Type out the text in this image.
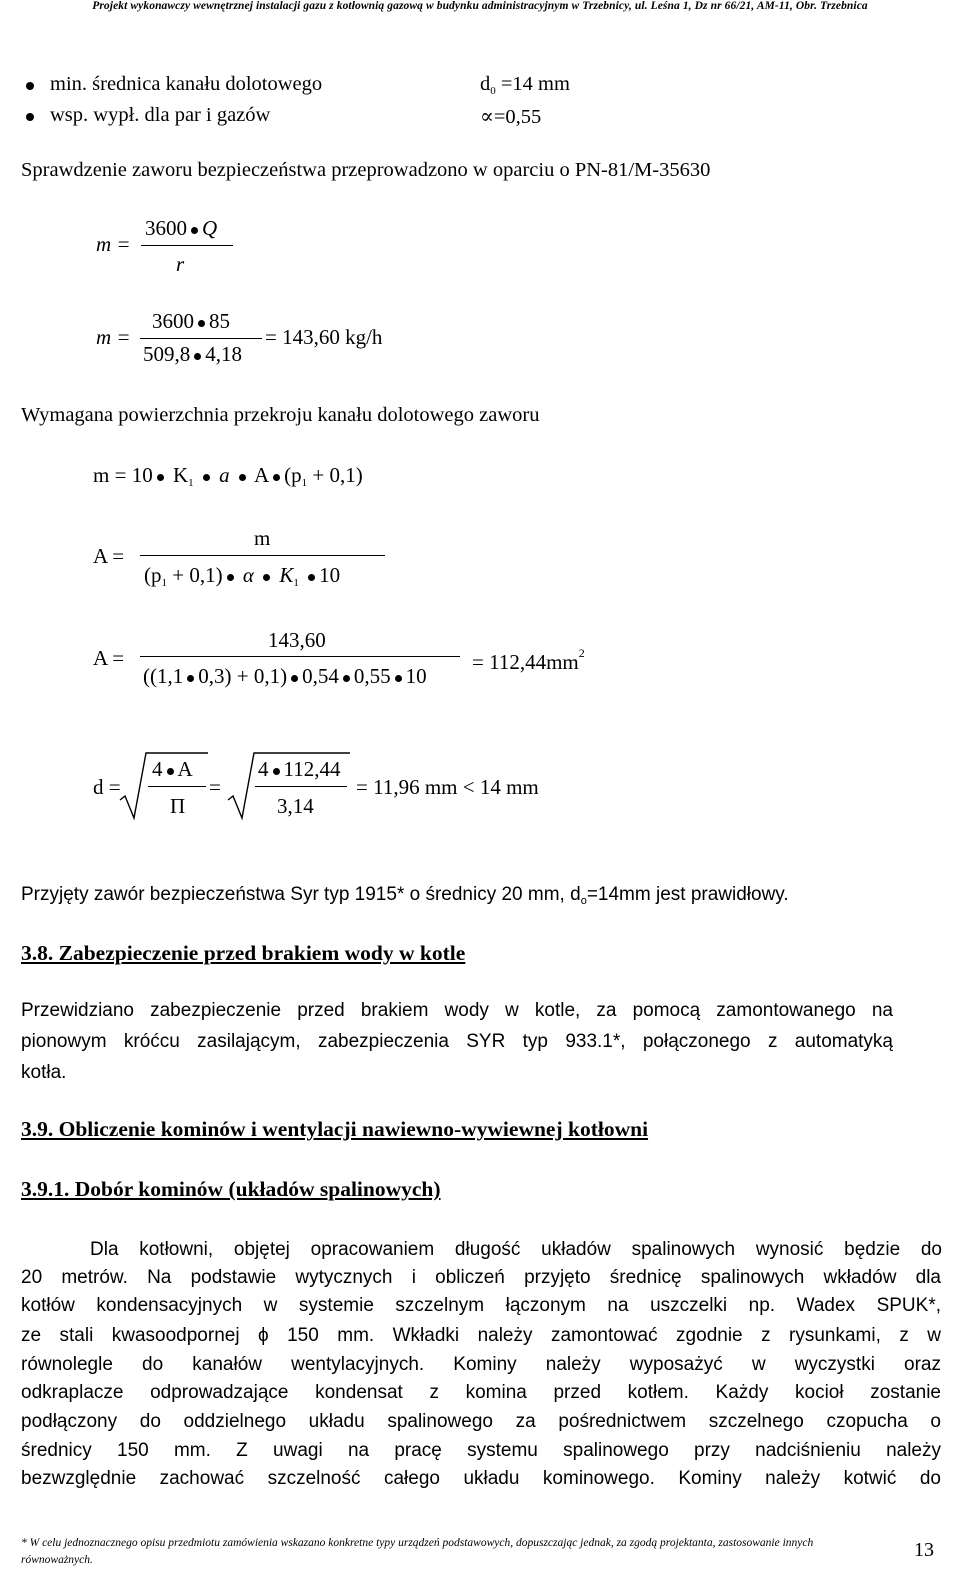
Projekt wykonawczy wewnętrznej instalacji gazu z kotłownią gazową w budynku administracyjnym w Trzebnicy, ul. Leśna 1, Dz nr 66/21, AM-11, Obr. Trzebnica
min. średnica kanału dolotowego	$d_0 =14$ mm
wsp. wypł. dla par i gazów	∝=0,55
Sprawdzenie zaworu bezpieczeństwa przeprowadzono w oparciu o PN-81/M-35630
m =
3600 Q
r
m =
3600 85
509,8 4,18
= 143,60 kg/h
Wymagana powierzchnia przekroju kanału dolotowego zaworu
m = 10 $K_1$ a A $(p_1 + 0,1)$
A =
m
$(p_1 + 0,1)$ α $K_1$ 10
A =
143,60
((1,1 0,3) + 0,1) 0,54 0,55 10
= $112,44mm^2$
d =
4 A
Π
=
4 112,44
3,14
= 11,96 mm < 14 mm
Przyjęty zawór bezpieczeństwa Syr typ 1915* o średnicy 20 mm, $d_o=14mm$ jest prawidłowy.
3.8. Zabezpieczenie przed brakiem wody w kotle
Przewidziano zabezpieczenie przed brakiem wody w kotle, za pomocą zamontowanego na
pionowym króćcu zasilającym, zabezpieczenia SYR typ 933.1*, połączonego z automatyką
kotła.
3.9. Obliczenie kominów i wentylacji nawiewno-wywiewnej kotłowni
3.9.1. Dobór kominów (układów spalinowych)
Dla kotłowni, objętej opracowaniem długość układów spalinowych wynosić będzie do
20 metrów. Na podstawie wytycznych i obliczeń przyjęto średnicę spalinowych wkładów dla
kotłów kondensacyjnych w systemie szczelnym łączonym na uszczelki np. Wadex SPUK*,
ze stali kwasoodpornej ϕ 150 mm. Wkładki należy zamontować zgodnie z rysunkami, z w
równolegle do kanałów wentylacyjnych. Kominy należy wyposażyć w wyczystki oraz
odkraplacze odprowadzające kondensat z komina przed kotłem. Każdy kocioł zostanie
podłączony do oddzielnego układu spalinowego za pośrednictwem szczelnego czopucha o
średnicy 150 mm. Z uwagi na pracę systemu spalinowego przy nadciśnieniu należy
bezwzględnie zachować szczelność całego układu kominowego. Kominy należy kotwić do
* W celu jednoznacznego opisu przedmiotu zamówienia wskazano konkretne typy urządzeń podstawowych, dopuszczając jednak, za zgodą projektanta, zastosowanie innych
równoważnych.	13
